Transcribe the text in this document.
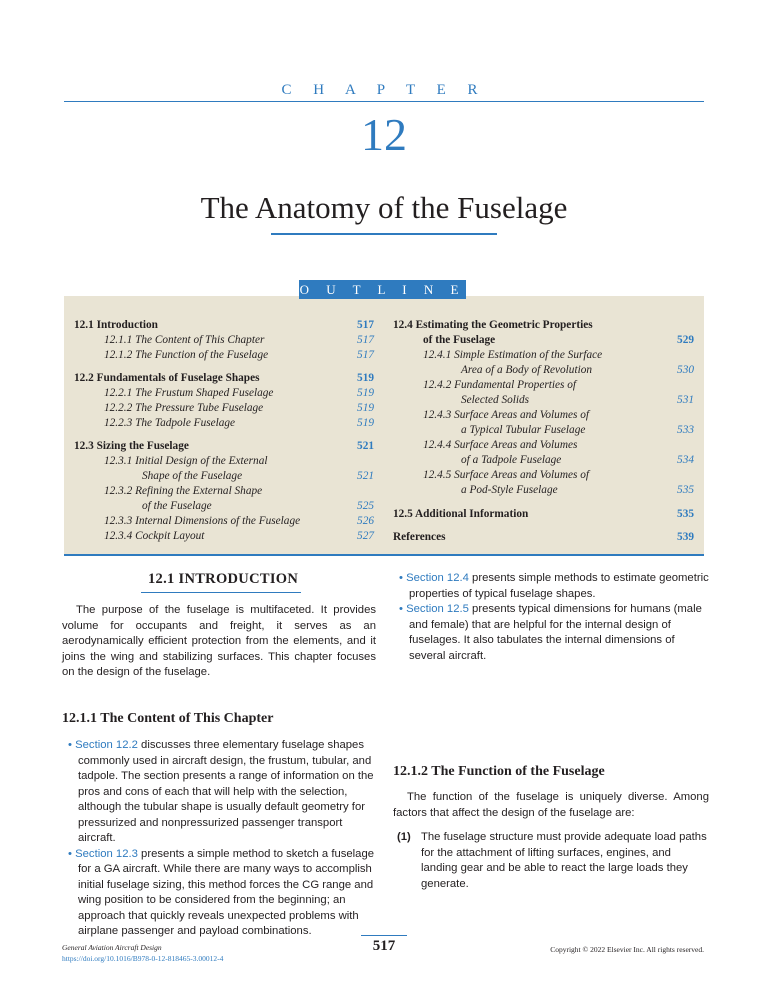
C H A P T E R
12
The Anatomy of the Fuselage
O U T L I N E
12.1 Introduction	517
12.1.1 The Content of This Chapter	517
12.1.2 The Function of the Fuselage	517
12.2 Fundamentals of Fuselage Shapes	519
12.2.1 The Frustum Shaped Fuselage	519
12.2.2 The Pressure Tube Fuselage	519
12.2.3 The Tadpole Fuselage	519
12.3 Sizing the Fuselage	521
12.3.1 Initial Design of the External
Shape of the Fuselage	521
12.3.2 Refining the External Shape
of the Fuselage	525
12.3.3 Internal Dimensions of the Fuselage	526
12.3.4 Cockpit Layout	527
12.4 Estimating the Geometric Properties
of the Fuselage	529
12.4.1 Simple Estimation of the Surface
Area of a Body of Revolution	530
12.4.2 Fundamental Properties of
Selected Solids	531
12.4.3 Surface Areas and Volumes of
a Typical Tubular Fuselage	533
12.4.4 Surface Areas and Volumes
of a Tadpole Fuselage	534
12.4.5 Surface Areas and Volumes of
a Pod-Style Fuselage	535
12.5 Additional Information	535
References	539
12.1 INTRODUCTION
The purpose of the fuselage is multifaceted. It provides volume for occupants and freight, it serves as an aerodynamically efficient protection from the elements, and it joins the wing and stabilizing surfaces. This chapter focuses on the design of the fuselage.
12.1.1 The Content of This Chapter
• Section 12.2 discusses three elementary fuselage shapes commonly used in aircraft design, the frustum, tubular, and tadpole. The section presents a range of information on the pros and cons of each that will help with the selection, although the tubular shape is usually default geometry for pressurized and nonpressurized passenger transport aircraft.
• Section 12.3 presents a simple method to sketch a fuselage for a GA aircraft. While there are many ways to accomplish initial fuselage sizing, this method forces the CG range and wing position to be considered from the beginning; an approach that quickly reveals unexpected problems with airplane passenger and payload combinations.
• Section 12.4 presents simple methods to estimate geometric properties of typical fuselage shapes.
• Section 12.5 presents typical dimensions for humans (male and female) that are helpful for the internal design of fuselages. It also tabulates the internal dimensions of several aircraft.
12.1.2 The Function of the Fuselage
The function of the fuselage is uniquely diverse. Among factors that affect the design of the fuselage are:
(1) The fuselage structure must provide adequate load paths for the attachment of lifting surfaces, engines, and landing gear and be able to react the large loads they generate.
General Aviation Aircraft Design
https://doi.org/10.1016/B978-0-12-818465-3.00012-4
517	Copyright © 2022 Elsevier Inc. All rights reserved.
